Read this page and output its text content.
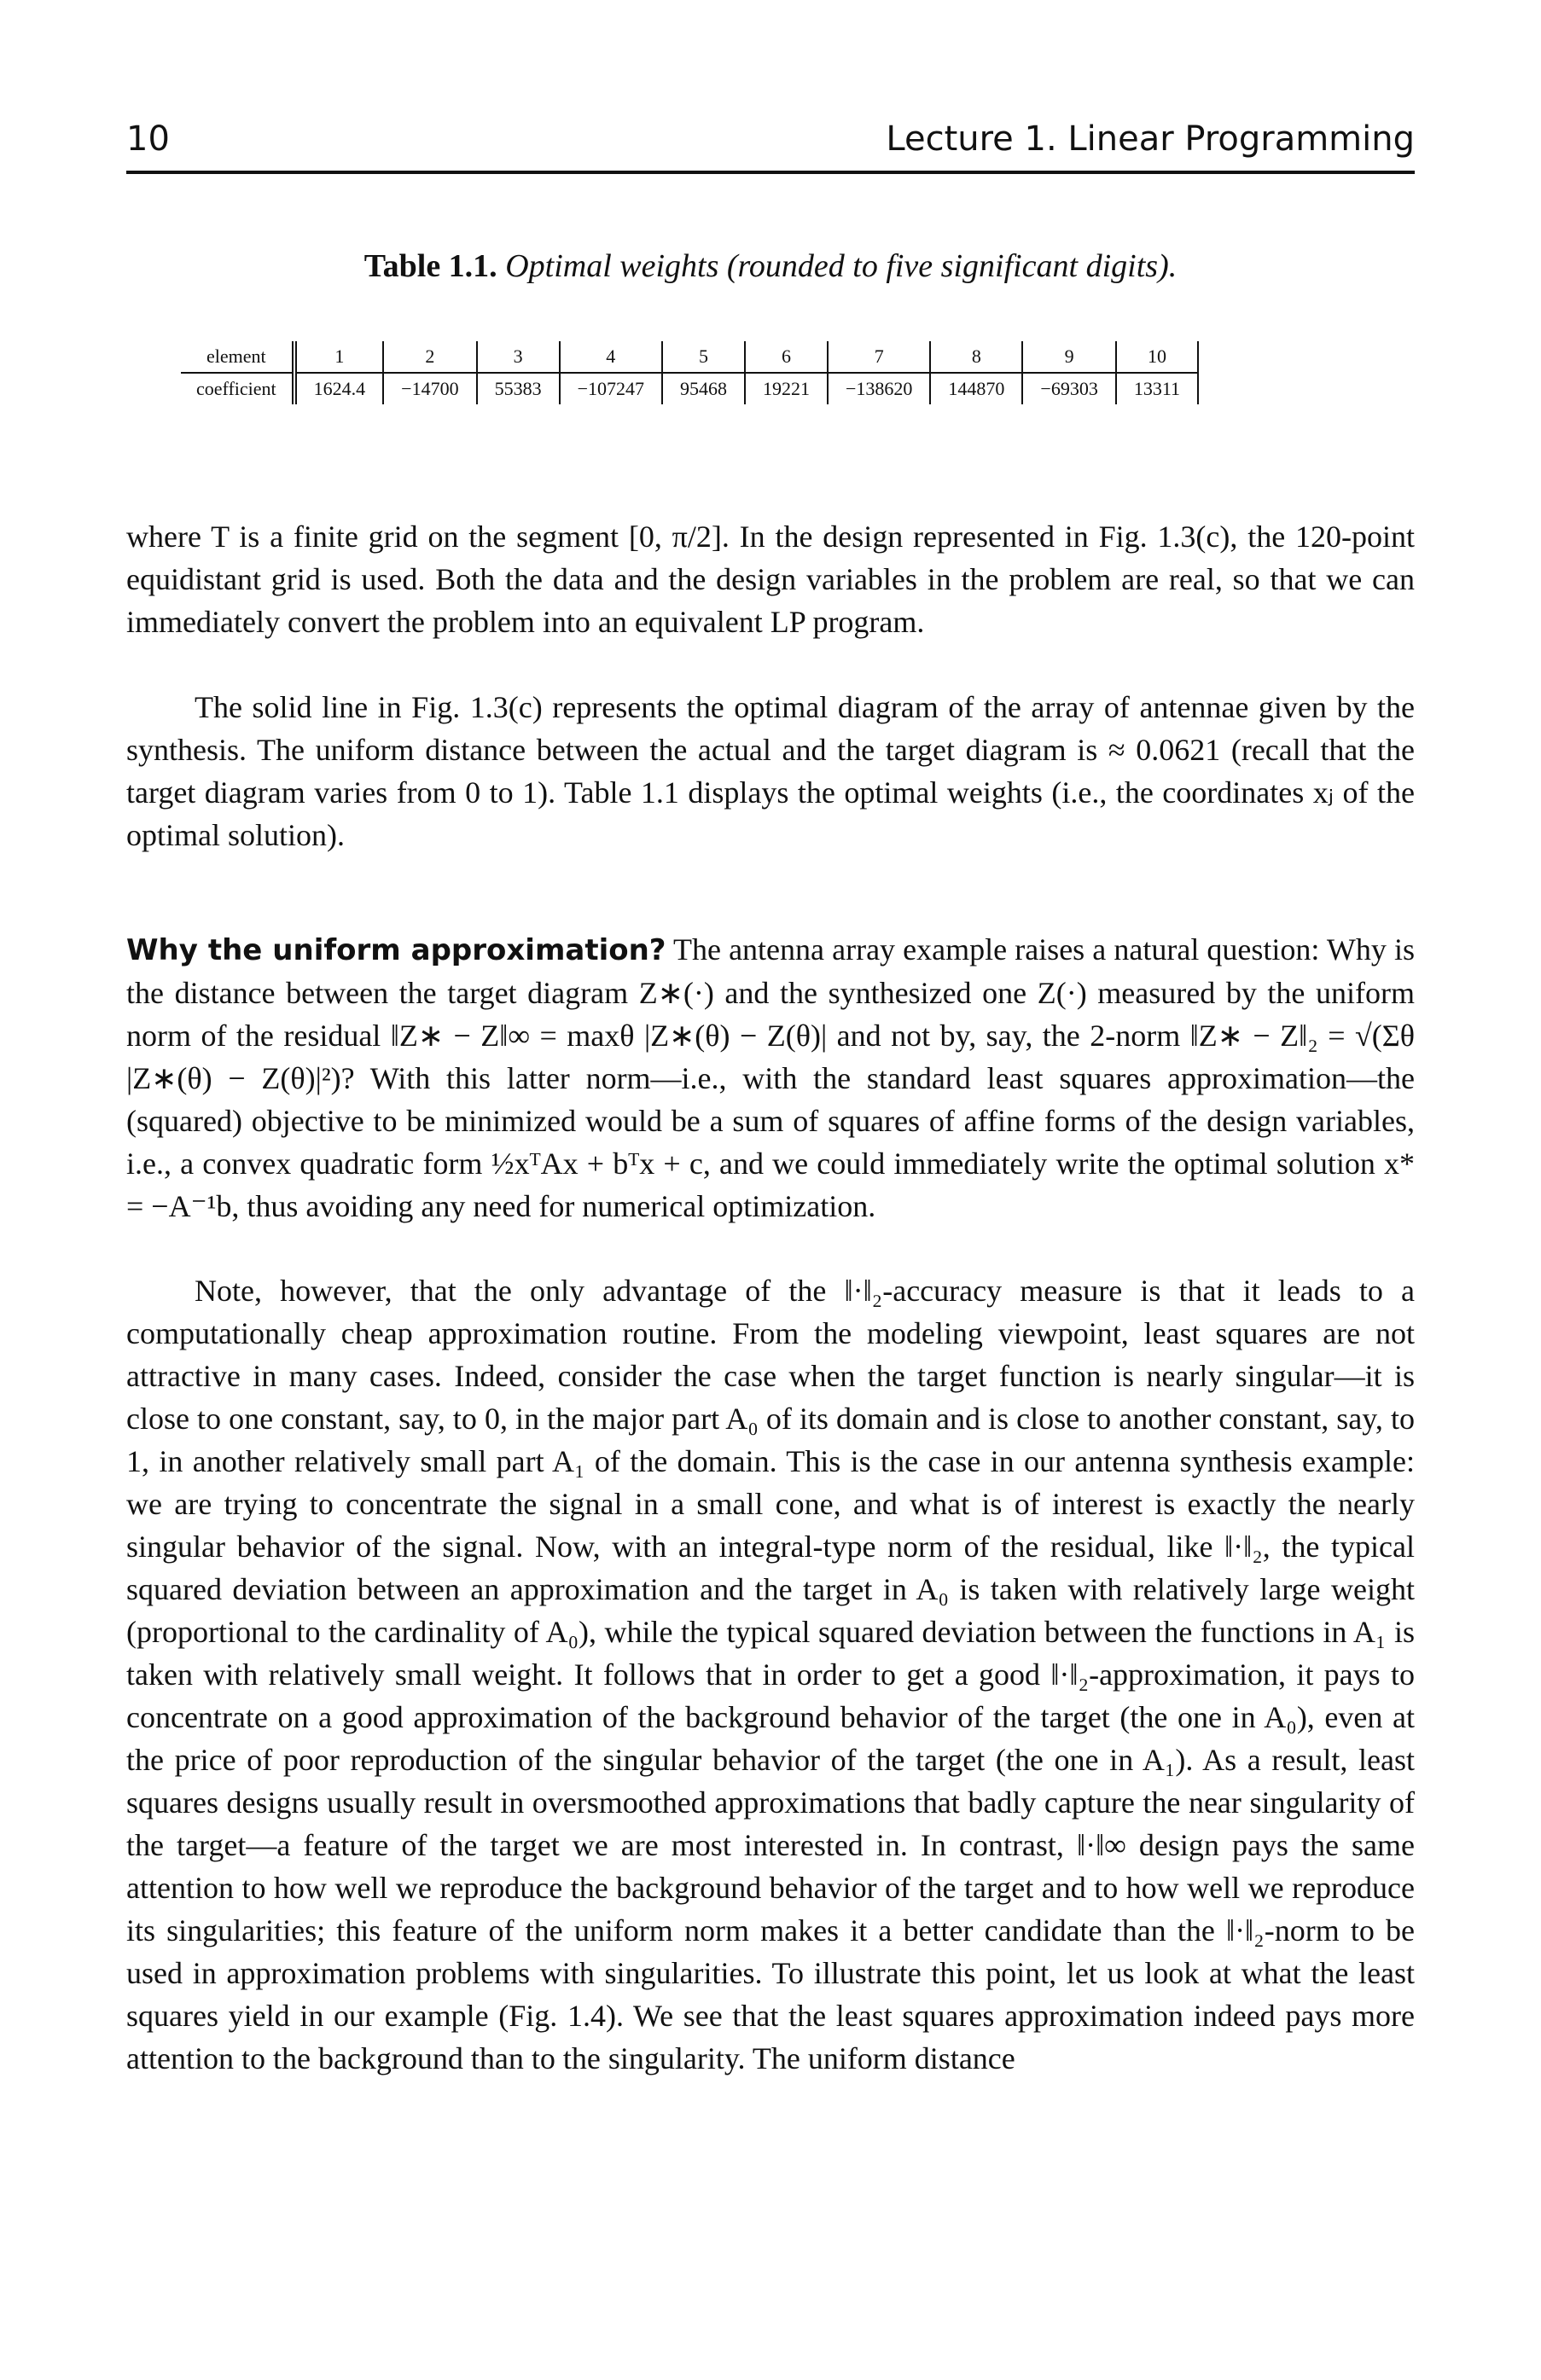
10	Lecture 1. Linear Programming
Table 1.1. Optimal weights (rounded to five significant digits).
element	1	2	3	4	5	6	7	8	9	10
coefficient	1624.4	−14700	55383	−107247	95468	19221	−138620	144870	−69303	13311

where T is a finite grid on the segment [0, π/2]. In the design represented in Fig. 1.3(c), the 120-point equidistant grid is used. Both the data and the design variables in the problem are real, so that we can immediately convert the problem into an equivalent LP program.

The solid line in Fig. 1.3(c) represents the optimal diagram of the array of antennae given by the synthesis. The uniform distance between the actual and the target diagram is ≈ 0.0621 (recall that the target diagram varies from 0 to 1). Table 1.1 displays the optimal weights (i.e., the coordinates xⱼ of the optimal solution).

Why the uniform approximation? The antenna array example raises a natural question: Why is the distance between the target diagram Z∗(·) and the synthesized one Z(·) measured by the uniform norm of the residual ‖Z∗ − Z‖∞ = maxθ |Z∗(θ) − Z(θ)| and not by, say, the 2-norm ‖Z∗ − Z‖₂ = √(Σθ |Z∗(θ) − Z(θ)|²)? With this latter norm—i.e., with the standard least squares approximation—the (squared) objective to be minimized would be a sum of squares of affine forms of the design variables, i.e., a convex quadratic form ½xᵀAx + bᵀx + c, and we could immediately write the optimal solution x* = −A⁻¹b, thus avoiding any need for numerical optimization.

Note, however, that the only advantage of the ‖·‖₂-accuracy measure is that it leads to a computationally cheap approximation routine. From the modeling viewpoint, least squares are not attractive in many cases. Indeed, consider the case when the target function is nearly singular—it is close to one constant, say, to 0, in the major part A₀ of its domain and is close to another constant, say, to 1, in another relatively small part A₁ of the domain. This is the case in our antenna synthesis example: we are trying to concentrate the signal in a small cone, and what is of interest is exactly the nearly singular behavior of the signal. Now, with an integral-type norm of the residual, like ‖·‖₂, the typical squared deviation between an approximation and the target in A₀ is taken with relatively large weight (proportional to the cardinality of A₀), while the typical squared deviation between the functions in A₁ is taken with relatively small weight. It follows that in order to get a good ‖·‖₂-approximation, it pays to concentrate on a good approximation of the background behavior of the target (the one in A₀), even at the price of poor reproduction of the singular behavior of the target (the one in A₁). As a result, least squares designs usually result in oversmoothed approximations that badly capture the near singularity of the target—a feature of the target we are most interested in. In contrast, ‖·‖∞ design pays the same attention to how well we reproduce the background behavior of the target and to how well we reproduce its singularities; this feature of the uniform norm makes it a better candidate than the ‖·‖₂-norm to be used in approximation problems with singularities. To illustrate this point, let us look at what the least squares yield in our example (Fig. 1.4). We see that the least squares approximation indeed pays more attention to the background than to the singularity. The uniform distance
